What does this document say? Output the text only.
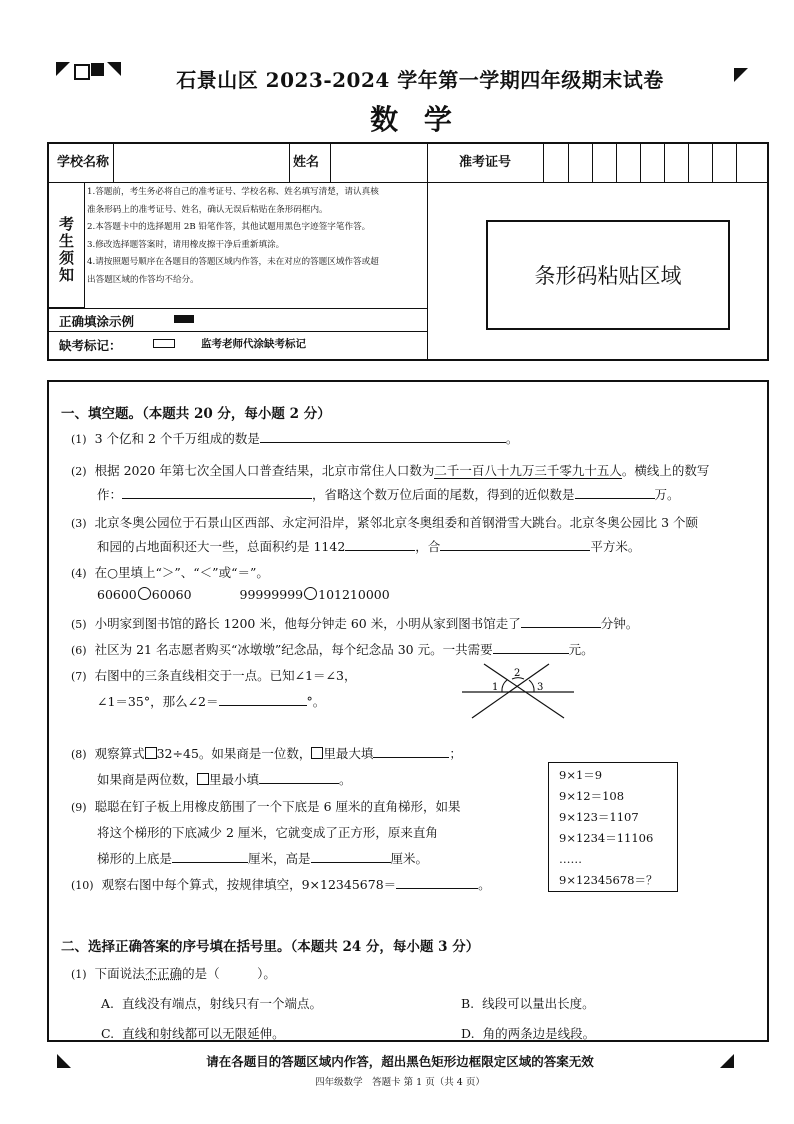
石景山区 2023-2024 学年第一学期四年级期末试卷
数 学
学校名称	姓名	准考证号
考生须知
1.答题前，考生务必将自己的准考证号、学校名称、姓名填写清楚，请认真核
准条形码上的准考证号、姓名，确认无误后粘贴在条形码框内。
2.本答题卡中的选择题用 2B 铅笔作答，其他试题用黑色字迹签字笔作答。
3.修改选择题答案时，请用橡皮擦干净后重新填涂。
4.请按照题号顺序在各题目的答题区域内作答，未在对应的答题区域作答或超
出答题区域的作答均不给分。
正确填涂示例
缺考标记：	监考老师代涂缺考标记
条形码粘贴区域
一、填空题。（本题共 20 分，每小题 2 分）
(1) 3 个亿和 2 个千万组成的数是	。
(2) 根据 2020 年第七次全国人口普查结果，北京市常住人口数为二千一百八十九万三千零九十五人。横线上的数写
作：	，省略这个数万位后面的尾数，得到的近似数是	万。
(3) 北京冬奥公园位于石景山区西部、永定河沿岸，紧邻北京冬奥组委和首钢滑雪大跳台。北京冬奥公园比 3 个颐
和园的占地面积还大一些，总面积约是 1142	，合	平方米。
(4) 在○里填上“＞”、“＜”或“＝”。
60600 60060	99999999 101210000
(5) 小明家到图书馆的路长 1200 米，他每分钟走 60 米，小明从家到图书馆走了	分钟。
(6) 社区为 21 名志愿者购买“冰墩墩”纪念品，每个纪念品 30 元。一共需要	元。
(7) 右图中的三条直线相交于一点。已知∠1＝∠3，
∠1＝35°，那么∠2＝	°。
1
2
3
(8) 观察算式 32÷45。如果商是一位数， 里最大填	；
如果商是两位数， 里最小填	。
(9) 聪聪在钉子板上用橡皮筋围了一个下底是 6 厘米的直角梯形，如果
将这个梯形的下底减少 2 厘米，它就变成了正方形，原来直角
梯形的上底是	厘米，高是	厘米。
(10) 观察右图中每个算式，按规律填空，9×12345678＝	。
二、选择正确答案的序号填在括号里。（本题共 24 分，每小题 3 分）
(1) 下面说法不正确的是（　　　）。
A. 直线没有端点，射线只有一个端点。	B. 线段可以量出长度。
C. 直线和射线都可以无限延伸。	D. 角的两条边是线段。
9×1＝9
9×12＝108
9×123＝1107
9×1234＝11106
……
9×12345678＝？
请在各题目的答题区域内作答，超出黑色矩形边框限定区域的答案无效
四年级数学　答题卡 第 1 页（共 4 页）
